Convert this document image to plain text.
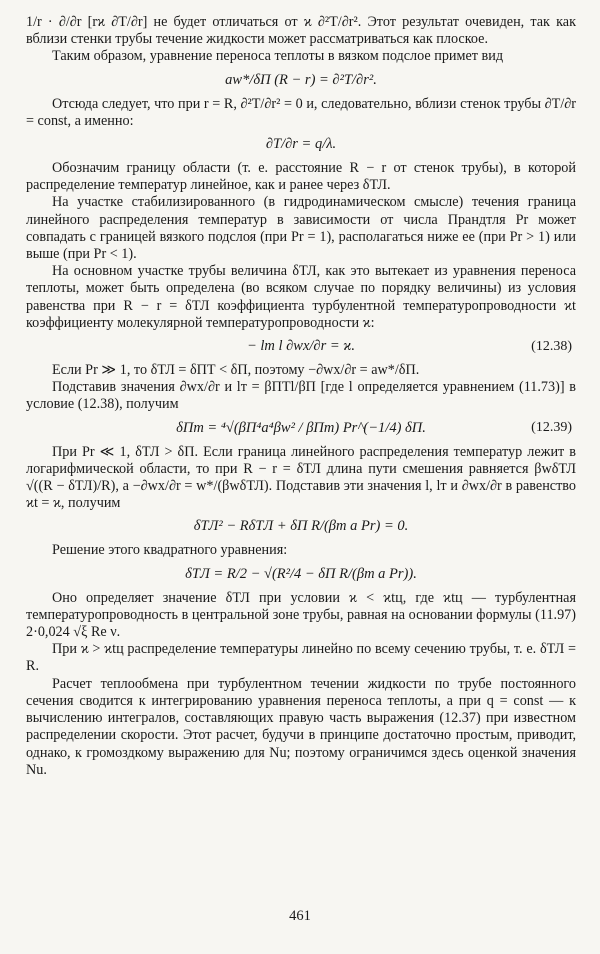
1/r · ∂/∂r [rϰ ∂T/∂r] не будет отличаться от ϰ ∂²T/∂r². Этот результат очевиден, так как вблизи стенки трубы течение жидкости может рассматриваться как плоское.

Таким образом, уравнение переноса теплоты в вязком подслое примет вид

aw*/δП (R − r) = ∂²T/∂r².

Отсюда следует, что при r = R, ∂²T/∂r² = 0 и, следовательно, вблизи стенок трубы ∂T/∂r = const, а именно:

∂T/∂r = q/λ.

Обозначим границу области (т. е. расстояние R − r от стенок трубы), в которой распределение температур линейное, как и ранее через δТЛ.

На участке стабилизированного (в гидродинамическом смысле) течения граница линейного распределения температур в зависимости от числа Прандтля Pr может совпадать с границей вязкого подслоя (при Pr = 1), располагаться ниже ее (при Pr > 1) или выше (при Pr < 1).

На основном участке трубы величина δТЛ, как это вытекает из уравнения переноса теплоты, может быть определена (во всяком случае по порядку величины) из условия равенства при R − r = δТЛ коэффициента турбулентной температуропроводности ϰt коэффициенту молекулярной температуропроводности ϰ:

− lт l ∂wx/∂r = ϰ.	(12.38)

Если Pr ≫ 1, то δТЛ = δПТ < δП, поэтому −∂wx/∂r = aw*/δП.

Подставив значения ∂wx/∂r и lт = βПТl/βП [где l определяется уравнением (11.73)] в условие (12.38), получим

δПт = ⁴√(βП⁴a⁴βw² / βПт) Pr^(−1/4) δП.	(12.39)

При Pr ≪ 1, δТЛ > δП. Если граница линейного распределения температур лежит в логарифмической области, то при R − r = δТЛ длина пути смешения равняется βwδТЛ √((R − δТЛ)/R), а −∂wx/∂r = w*/(βwδТЛ). Подставив эти значения l, lт и ∂wx/∂r в равенство ϰt = ϰ, получим

δТЛ² − RδТЛ + δП R/(βт a Pr) = 0.

Решение этого квадратного уравнения:

δТЛ = R/2 − √(R²/4 − δП R/(βт a Pr)).

Оно определяет значение δТЛ при условии ϰ < ϰtц, где ϰtц — турбулентная температуропроводность в центральной зоне трубы, равная на основании формулы (11.97) 2·0,024 √ξ Re ν.

При ϰ > ϰtц распределение температуры линейно по всему сечению трубы, т. е. δТЛ = R.

Расчет теплообмена при турбулентном течении жидкости по трубе постоянного сечения сводится к интегрированию уравнения переноса теплоты, а при q = const — к вычислению интегралов, составляющих правую часть выражения (12.37) при известном распределении скорости. Этот расчет, будучи в принципе достаточно простым, приводит, однако, к громоздкому выражению для Nu; поэтому ограничимся здесь оценкой значения Nu.

461
